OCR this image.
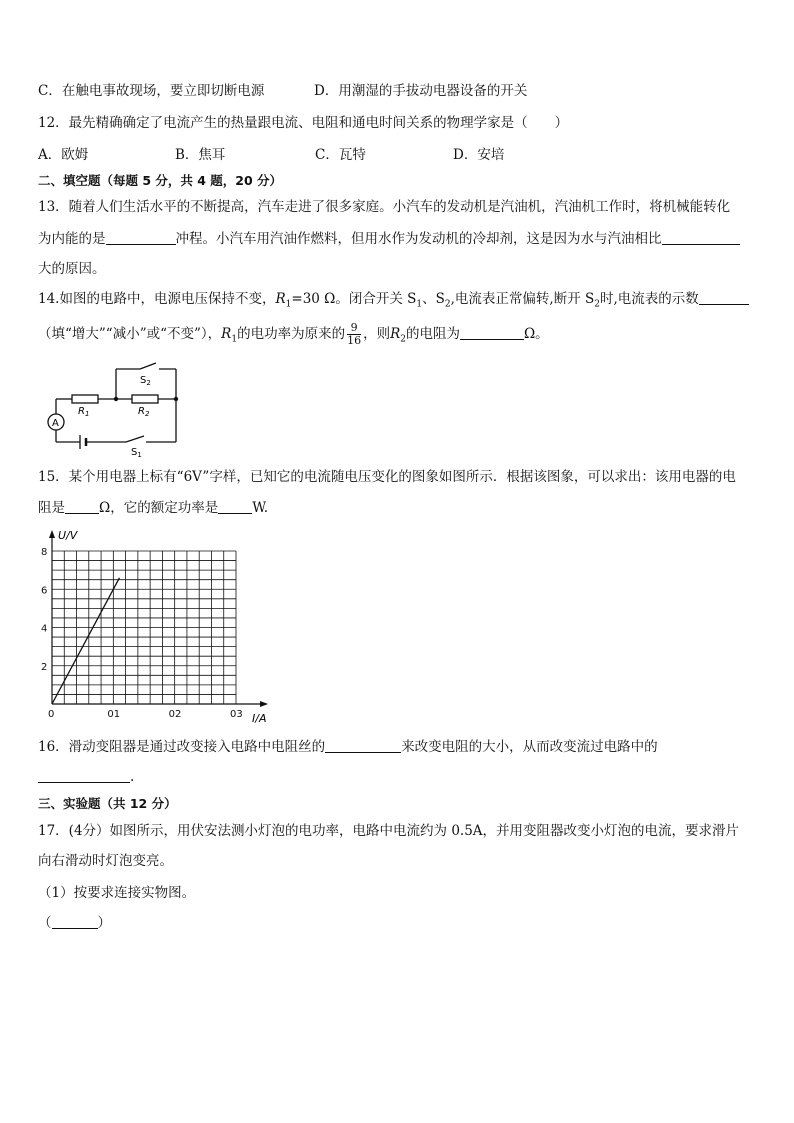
C．在触电事故现场，要立即切断电源	D．用潮湿的手拔动电器设备的开关
12．最先精确确定了电流产生的热量跟电流、电阻和通电时间关系的物理学家是（　　）
A．欧姆	B．焦耳	C．瓦特	D．安培
二、填空题（每题 5 分，共 4 题，20 分）
13．随着人们生活水平的不断提高，汽车走进了很多家庭。小汽车的发动机是汽油机，汽油机工作时，将机械能转化
为内能的是	冲程。小汽车用汽油作燃料，但用水作为发动机的冷却剂，这是因为水与汽油相比
大的原因。
14.如图的电路中，电源电压保持不变，$R_1=30$ Ω。闭合开关 $S_1$、$S_2$,电流表正常偏转,断开 $S_2$时,电流表的示数
（填“增大”“减小”或“不变”），$R_1$的电功率为原来的 $\frac{9}{16}$ ，则$R_2$的电阻为	Ω。
$S_2$
$R_1$	$R_2$
A
$S_1$
15．某个用电器上标有“6V”字样，已知它的电流随电压变化的图象如图所示．根据该图象，可以求出：该用电器的电
阻是	Ω，它的额定功率是	W.
2
4
6
8
0	01	02	03
U/V
I/A
16．滑动变阻器是通过改变接入电路中电阻丝的	来改变电阻的大小，从而改变流过电路中的
.
三、实验题（共 12 分）
17．(4分）如图所示，用伏安法测小灯泡的电功率，电路中电流约为 0.5A，并用变阻器改变小灯泡的电流，要求滑片
向右滑动时灯泡变亮。
（1）按要求连接实物图。
（	）
